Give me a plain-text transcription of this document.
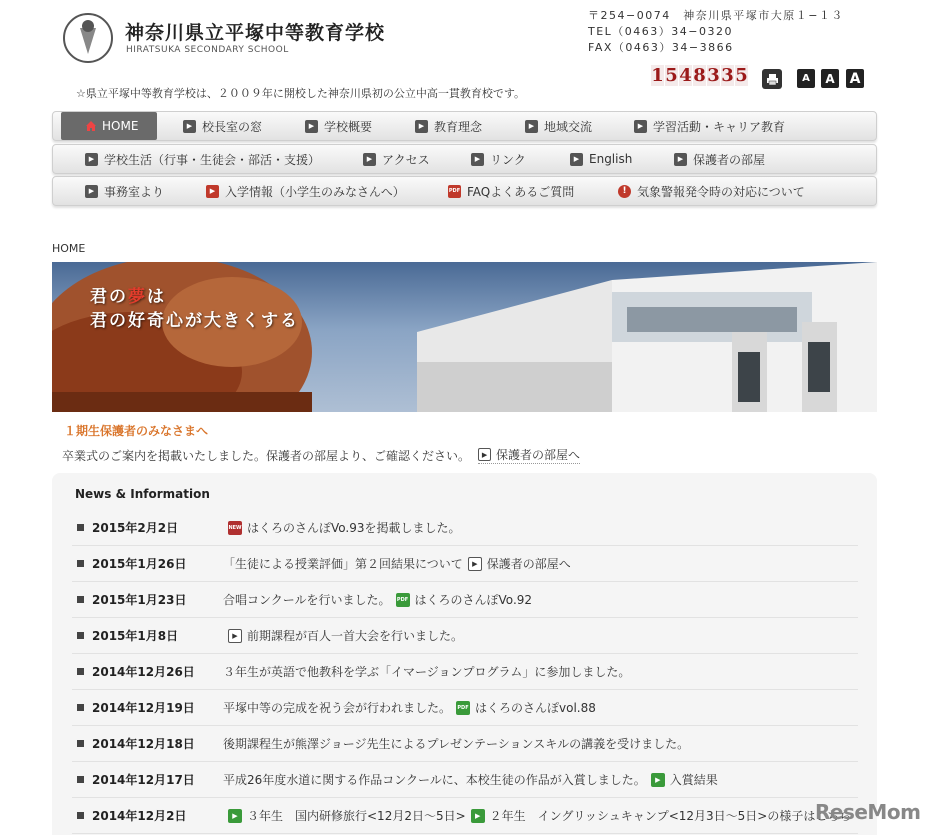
神奈川県立平塚中等教育学校
HIRATSUKA SECONDARY SCHOOL
〒254−0074　神奈川県平塚市大原１−１３
TEL（0463）34−0320
FAX（0463）34−3866
☆県立平塚中等教育学校は、２００９年に開校した神奈川県初の公立中高一貫教育校です。
1 5 4 8 3 3 5	A	A	A
HOME	▶ 校長室の窓	▶ 学校概要	▶ 教育理念	▶ 地域交流	▶ 学習活動・キャリア教育
▶ 学校生活（行事・生徒会・部活・支援）	▶ アクセス	▶ リンク	▶ English	▶ 保護者の部屋
▶ 事務室より	▶ 入学情報（小学生のみなさんへ）	PDF FAQよくあるご質問	! 気象警報発令時の対応について
HOME
君の夢は
君の好奇心が大きくする
１期生保護者のみなさまへ
卒業式のご案内を掲載いたしました。保護者の部屋より、ご確認ください。	▶ 保護者の部屋へ
News & Information
2015年2月2日	NEW はくろのさんぽVo.93を掲載しました。
2015年1月26日	「生徒による授業評価」第２回結果について	▶ 保護者の部屋へ
2015年1月23日	合唱コンクールを行いました。 PDF はくろのさんぽVo.92
2015年1月8日	▶ 前期課程が百人一首大会を行いました。
2014年12月26日	３年生が英語で他教科を学ぶ「イマージョンプログラム」に参加しました。
2014年12月19日	平塚中等の完成を祝う会が行われました。 PDF はくろのさんぽvol.88
2014年12月18日	後期課程生が熊澤ジョージ先生によるプレゼンテーションスキルの講義を受けました。
2014年12月17日	平成26年度水道に関する作品コンクールに、本校生徒の作品が入賞しました。	▶ 入賞結果
2014年12月2日	▶ ３年生　国内研修旅行<12月2日〜5日>	▶ ２年生　イングリッシュキャンプ<12月3日〜5日>の様子はこちら
ReseMom
